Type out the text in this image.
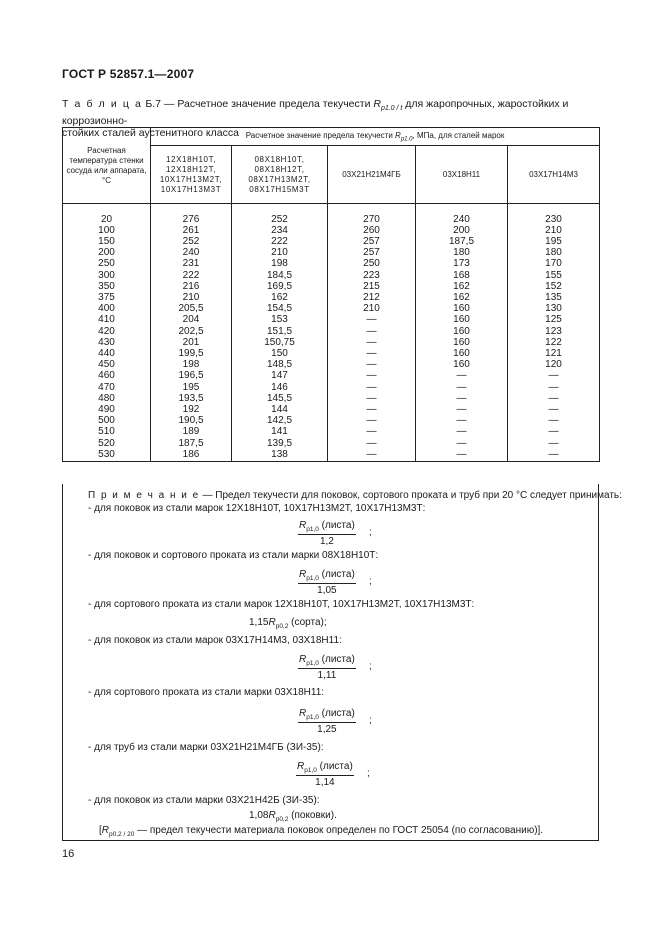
ГОСТ Р 52857.1—2007
Т а б л и ц а Б.7 — Расчетное значение предела текучести $R_{p1.0 / t}$ для жаропрочных, жаростойких и коррозионно-
стойких сталей аустенитного класса
Расчетная температура стенки сосуда или аппарата, °С	Расчетное значение предела текучести $R_{р1.0}$, МПа, для сталей марок				
	12Х18Н10Т, 12Х18Н12Т, 10Х17Н13М2Т, 10Х17Н13М3Т	08Х18Н10Т, 08Х18Н12Т, 08Х17Н13М2Т, 08Х17Н15М3Т	03Х21Н21М4ГБ	03Х18Н11	03Х17Н14М3

20	276	252	270	240	230
100	261	234	260	200	210
150	252	222	257	187,5	195
200	240	210	257	180	180
250	231	198	250	173	170
300	222	184,5	223	168	155
350	216	169,5	215	162	152
375	210	162	212	162	135
400	205,5	154,5	210	160	130
410	204	153	—	160	125
420	202,5	151,5	—	160	123
430	201	150,75	—	160	122
440	199,5	150	—	160	121
450	198	148,5	—	160	120
460	196,5	147	—	—	—
470	195	146	—	—	—
480	193,5	145,5	—	—	—
490	192	144	—	—	—
500	190,5	142,5	—	—	—
510	189	141	—	—	—
520	187,5	139,5	—	—	—
530	186	138	—	—	—
П р и м е ч а н и е — Предел текучести для поковок, сортового проката и труб при 20 °С следует принимать:
- для поковок из стали марок 12Х18Н10Т, 10Х17Н13М2Т, 10Х17Н13М3Т:
$R_{p1,0}$ (листа)
1,2
;
- для поковок и сортового проката из стали марки 08Х18Н10Т:
$R_{p1,0}$ (листа)
1,05
;
- для сортового проката из стали марок 12Х18Н10Т, 10Х17Н13М2Т, 10Х17Н13М3Т:
$1,15R_{p0,2}$ (сорта);
- для поковок из стали марок 03Х17Н14М3, 03Х18Н11:
$R_{p1,0}$ (листа)
1,11
;
- для сортового проката из стали марки 03Х18Н11:
$R_{p1,0}$ (листа)
1,25
;
- для труб из стали марки 03Х21Н21М4ГБ (ЗИ-35):
$R_{p1,0}$ (листа)
1,14
;
- для поковок из стали марки 03Х21Н42Б (ЗИ-35):
$1,08R_{p0,2}$ (поковки).
[$R_{p0,2 / 20}$ — предел текучести материала поковок определен по ГОСТ 25054 (по согласованию)].
16
